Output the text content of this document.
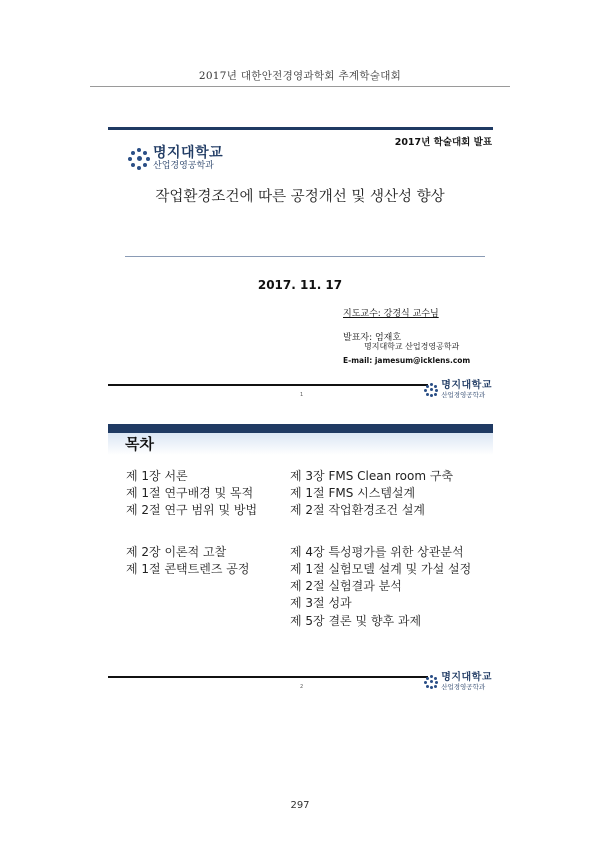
2017년 대한안전경영과학회 추계학술대회
2017년 학술대회 발표
명지대학교
산업경영공학과
작업환경조건에 따른 공정개선 및 생산성 향상
2017. 11. 17
지도교수: 강경식 교수님
발표자: 엄재호
명지대학교 산업경영공학과
E-mail: jamesum@icklens.com
1
명지대학교
산업경영공학과
목차
제 1장 서론
제 1절 연구배경 및 목적
제 2절 연구 범위 및 방법
제 2장 이론적 고찰
제 1절 콘택트렌즈 공정
제 3장 FMS Clean room 구축
제 1절 FMS 시스템설계
제 2절 작업환경조건 설계
제 4장 특성평가를 위한 상관분석
제 1절 실험모델 설계 및 가설 설정
제 2절 실험결과 분석
제 3절 성과
제 5장 결론 및 향후 과제
2
명지대학교
산업경영공학과
297
